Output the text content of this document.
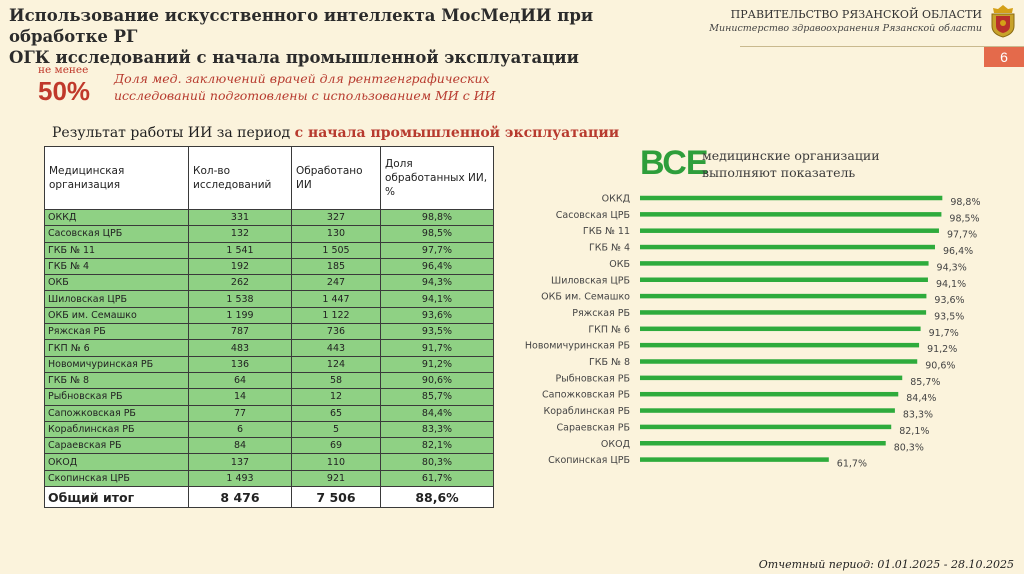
Использование искусственного интеллекта МосМедИИ при обработке РГ
ОГК исследований с начала промышленной эксплуатации
ПРАВИТЕЛЬСТВО РЯЗАНСКОЙ ОБЛАСТИ
Министерство здравоохранения Рязанской области
6
не менее
50% Доля мед. заключений врачей для рентгенграфических
исследований подготовлены с использованием МИ с ИИ
Результат работы ИИ за период с начала промышленной эксплуатации
Медицинская организация	Кол-во исследований	Обработано ИИ	Доля обработанных ИИ, %
ОККД	331	327	98,8%
Сасовская ЦРБ	132	130	98,5%
ГКБ № 11	1 541	1 505	97,7%
ГКБ № 4	192	185	96,4%
ОКБ	262	247	94,3%
Шиловская ЦРБ	1 538	1 447	94,1%
ОКБ им. Семашко	1 199	1 122	93,6%
Ряжская РБ	787	736	93,5%
ГКП № 6	483	443	91,7%
Новомичуринская РБ	136	124	91,2%
ГКБ № 8	64	58	90,6%
Рыбновская РБ	14	12	85,7%
Сапожковская РБ	77	65	84,4%
Кораблинская РБ	6	5	83,3%
Сараевская РБ	84	69	82,1%
ОКОД	137	110	80,3%
Скопинская ЦРБ	1 493	921	61,7%
Общий итог	8 476	7 506	88,6%
ВСЕ
медицинские организации
выполняют показатель
ОККД	98,8%
Сасовская ЦРБ	98,5%
ГКБ № 11	97,7%
ГКБ № 4	96,4%
ОКБ	94,3%
Шиловская ЦРБ	94,1%
ОКБ им. Семашко	93,6%
Ряжская РБ	93,5%
ГКП № 6	91,7%
Новомичуринская РБ	91,2%
ГКБ № 8	90,6%
Рыбновская РБ	85,7%
Сапожковская РБ	84,4%
Кораблинская РБ	83,3%
Сараевская РБ	82,1%
ОКОД	80,3%
Скопинская ЦРБ	61,7%
Отчетный период: 01.01.2025 - 28.10.2025
